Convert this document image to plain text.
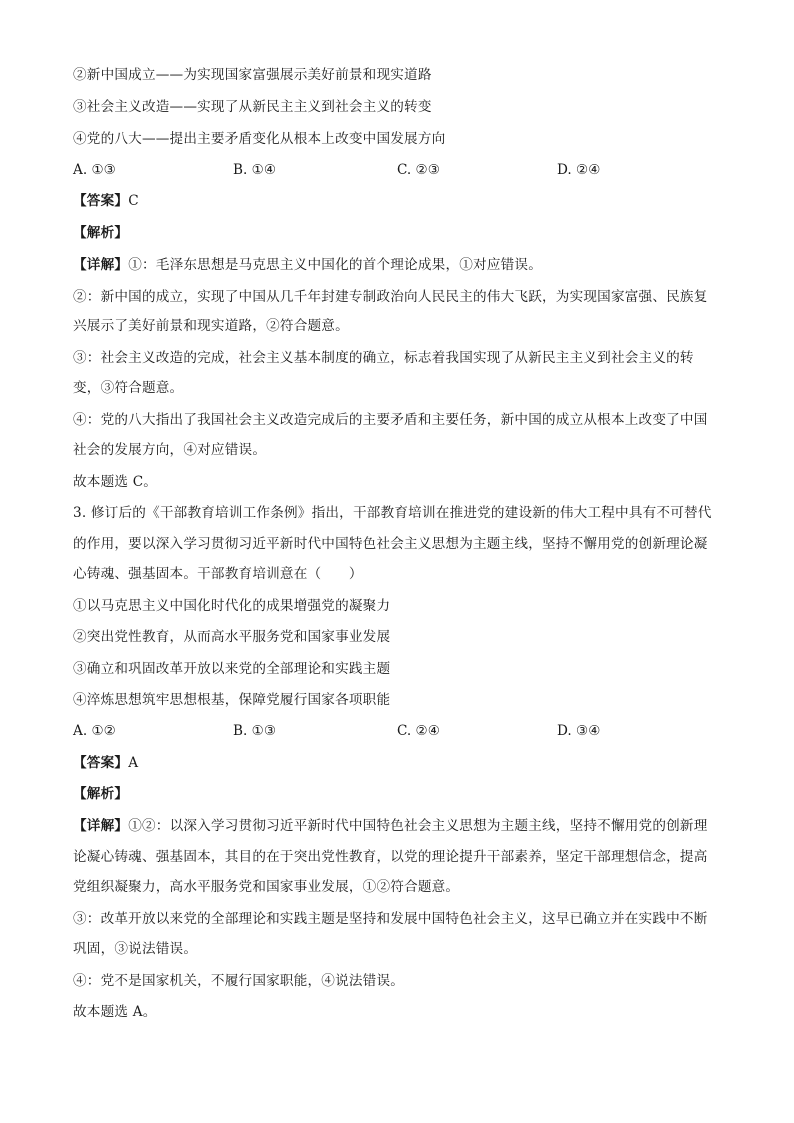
②新中国成立——为实现国家富强展示美好前景和现实道路
③社会主义改造——实现了从新民主主义到社会主义的转变
④党的八大——提出主要矛盾变化从根本上改变中国发展方向
A. ①③	B. ①④	C. ②③	D. ②④
【答案】C
【解析】
【详解】①：毛泽东思想是马克思主义中国化的首个理论成果，①对应错误。
②：新中国的成立，实现了中国从几千年封建专制政治向人民民主的伟大飞跃，为实现国家富强、民族复
兴展示了美好前景和现实道路，②符合题意。
③：社会主义改造的完成，社会主义基本制度的确立，标志着我国实现了从新民主主义到社会主义的转
变，③符合题意。
④：党的八大指出了我国社会主义改造完成后的主要矛盾和主要任务，新中国的成立从根本上改变了中国
社会的发展方向，④对应错误。
故本题选 C。
3. 修订后的《干部教育培训工作条例》指出，干部教育培训在推进党的建设新的伟大工程中具有不可替代
的作用，要以深入学习贯彻习近平新时代中国特色社会主义思想为主题主线，坚持不懈用党的创新理论凝
心铸魂、强基固本。干部教育培训意在（　　）
①以马克思主义中国化时代化的成果增强党的凝聚力
②突出党性教育，从而高水平服务党和国家事业发展
③确立和巩固改革开放以来党的全部理论和实践主题
④淬炼思想筑牢思想根基，保障党履行国家各项职能
A. ①②	B. ①③	C. ②④	D. ③④
【答案】A
【解析】
【详解】①②：以深入学习贯彻习近平新时代中国特色社会主义思想为主题主线，坚持不懈用党的创新理
论凝心铸魂、强基固本，其目的在于突出党性教育，以党的理论提升干部素养，坚定干部理想信念，提高
党组织凝聚力，高水平服务党和国家事业发展，①②符合题意。
③：改革开放以来党的全部理论和实践主题是坚持和发展中国特色社会主义，这早已确立并在实践中不断
巩固，③说法错误。
④：党不是国家机关，不履行国家职能，④说法错误。
故本题选 A。
